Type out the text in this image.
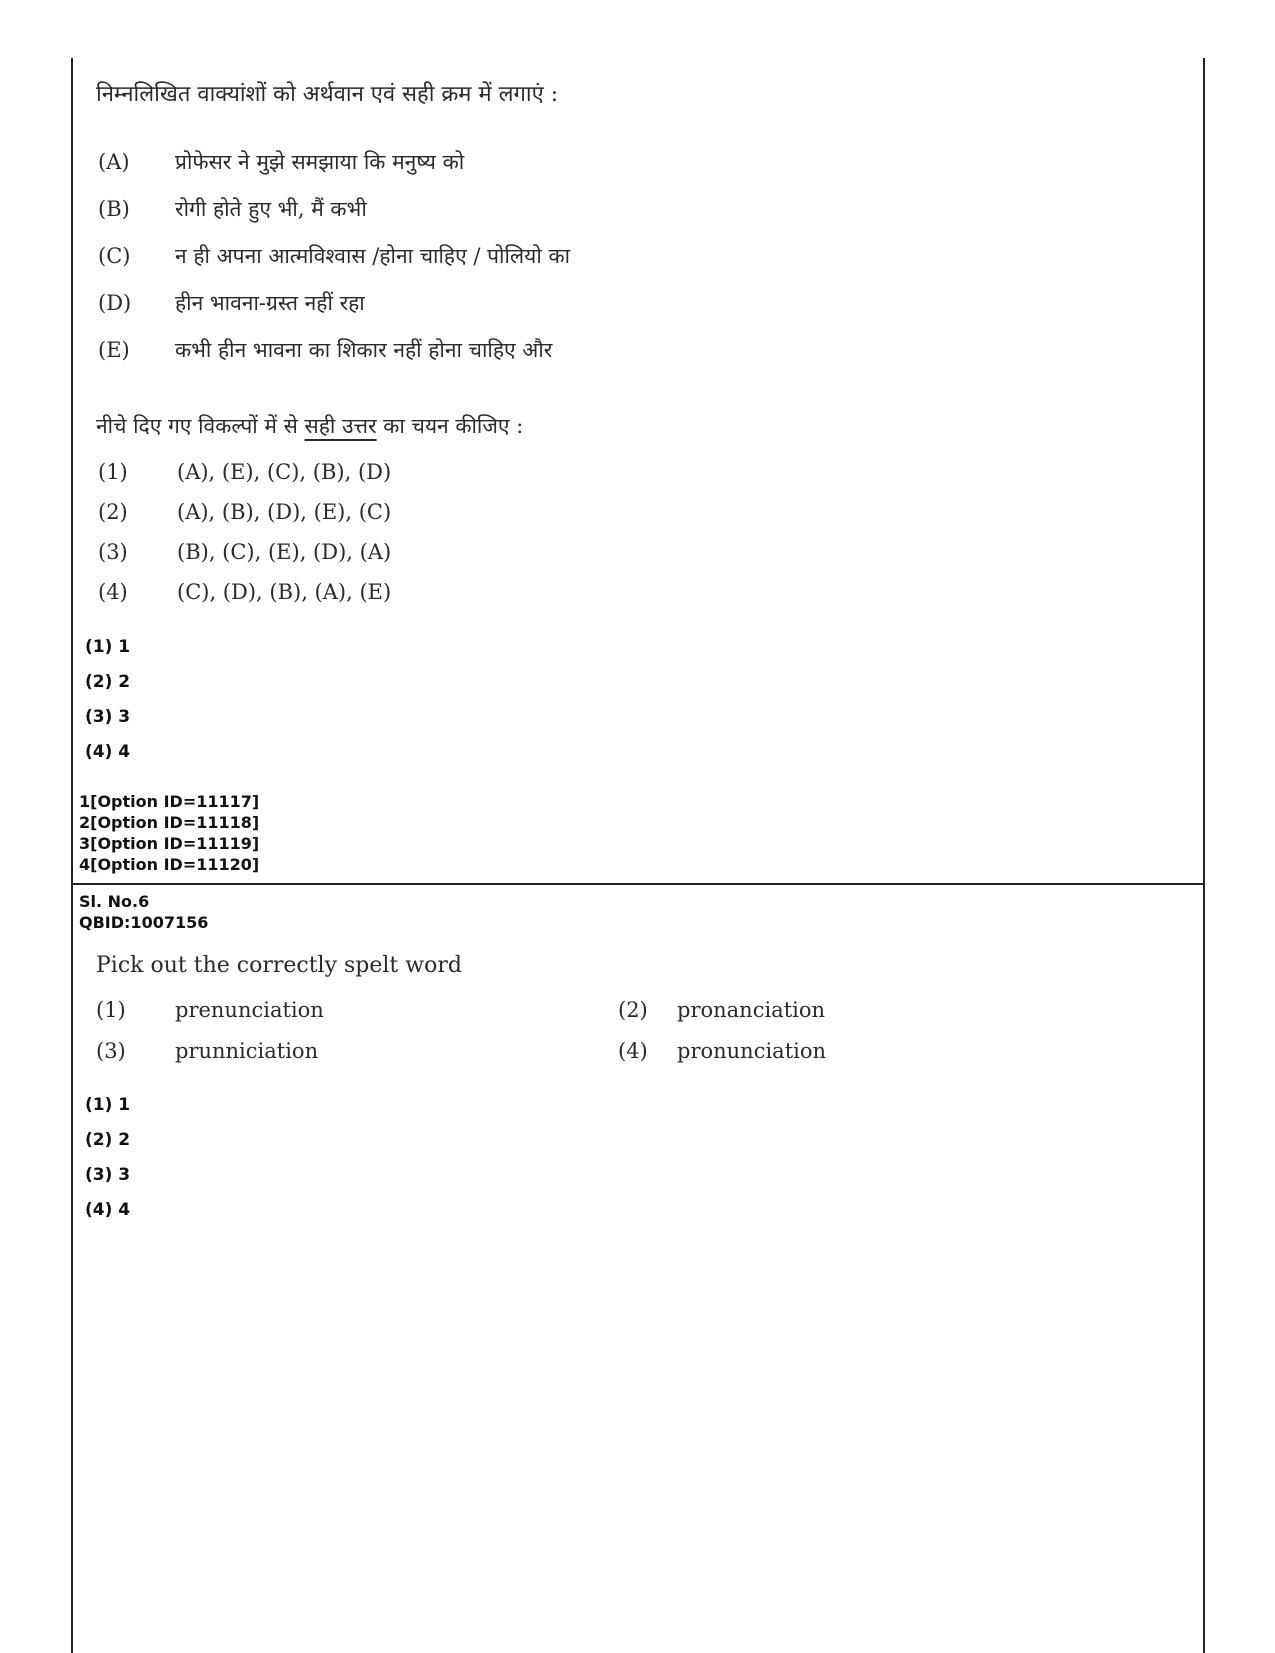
निम्नलिखित वाक्यांशों को अर्थवान एवं सही क्रम में लगाएं :
(A) प्रोफेसर ने मुझे समझाया कि मनुष्य को
(B) रोगी होते हुए भी, मैं कभी
(C) न ही अपना आत्मविश्वास /होना चाहिए / पोलियो का
(D) हीन भावना-ग्रस्त नहीं रहा
(E) कभी हीन भावना का शिकार नहीं होना चाहिए और
नीचे दिए गए विकल्पों में से सही उत्तर का चयन कीजिए :
(1) (A), (E), (C), (B), (D)
(2) (A), (B), (D), (E), (C)
(3) (B), (C), (E), (D), (A)
(4) (C), (D), (B), (A), (E)
(1) 1
(2) 2
(3) 3
(4) 4
1[Option ID=11117]
2[Option ID=11118]
3[Option ID=11119]
4[Option ID=11120]
Sl. No.6
QBID:1007156
Pick out the correctly spelt word
(1) prenunciation	(2) pronanciation
(3) prunniciation	(4) pronunciation
(1) 1
(2) 2
(3) 3
(4) 4
